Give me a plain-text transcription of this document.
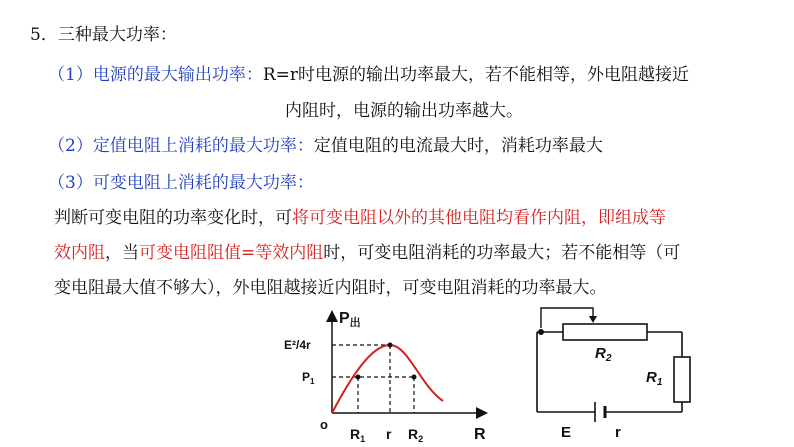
5．三种最大功率：
（1）电源的最大输出功率：R=r时电源的输出功率最大，若不能相等，外电阻越接近
内阻时，电源的输出功率越大。
（2）定值电阻上消耗的最大功率：定值电阻的电流最大时，消耗功率最大
（3）可变电阻上消耗的最大功率：
判断可变电阻的功率变化时，可将可变电阻以外的其他电阻均看作内阻，即组成等
效内阻，当可变电阻阻值=等效内阻时，可变电阻消耗的功率最大；若不能相等（可
变电阻最大值不够大），外电阻越接近内阻时，可变电阻消耗的功率最大。
P出
E²/4r
$P_1$
o
$R_1$ r $R_2$	R
$R_2$
$R_1$
E	r
